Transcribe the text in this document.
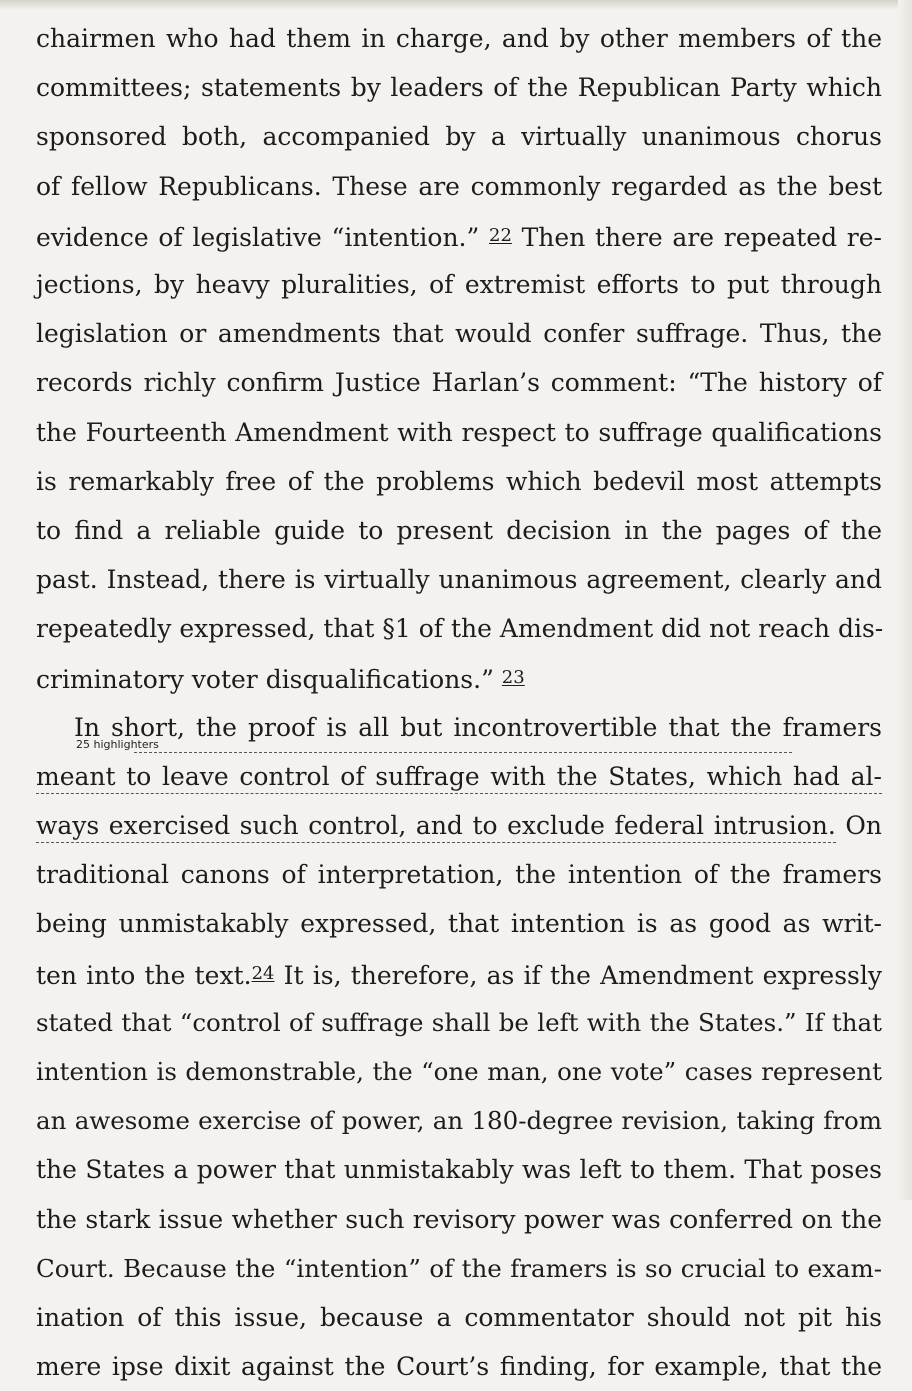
chairmen who had them in charge, and by other members of the
committees; statements by leaders of the Republican Party which
sponsored both, accompanied by a virtually unanimous chorus
of fellow Republicans. These are commonly regarded as the best
evidence of legislative “intention.” $^{22}$ Then there are repeated re-
jections, by heavy pluralities, of extremist efforts to put through
legislation or amendments that would confer suffrage. Thus, the
records richly confirm Justice Harlan’s comment: “The history of
the Fourteenth Amendment with respect to suffrage qualifications
is remarkably free of the problems which bedevil most attempts
to find a reliable guide to present decision in the pages of the
past. Instead, there is virtually unanimous agreement, clearly and
repeatedly expressed, that §1 of the Amendment did not reach dis-
criminatory voter disqualifications.” $^{23}$
In short, the proof is all but incontrovertible that the framers
25 highlighters
meant to leave control of suffrage with the States, which had al-
ways exercised such control, and to exclude federal intrusion. On
traditional canons of interpretation, the intention of the framers
being unmistakably expressed, that intention is as good as writ-
ten into the text.$^{24}$ It is, therefore, as if the Amendment expressly
stated that “control of suffrage shall be left with the States.” If that
intention is demonstrable, the “one man, one vote” cases represent
an awesome exercise of power, an 180-degree revision, taking from
the States a power that unmistakably was left to them. That poses
the stark issue whether such revisory power was conferred on the
Court. Because the “intention” of the framers is so crucial to exam-
ination of this issue, because a commentator should not pit his
mere ipse dixit against the Court’s finding, for example, that the
